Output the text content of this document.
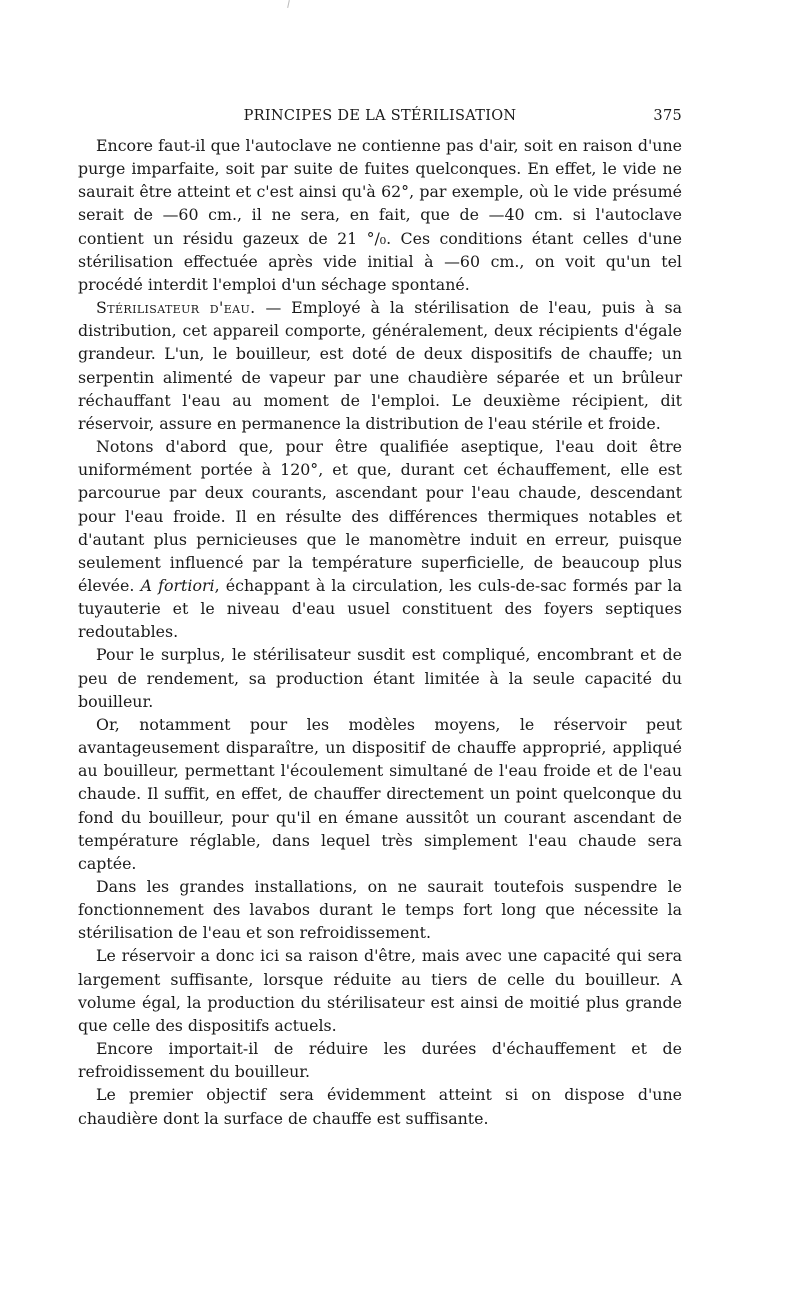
PRINCIPES DE LA STÉRILISATION	375

Encore faut-il que l'autoclave ne contienne pas d'air, soit en raison d'une purge imparfaite, soit par suite de fuites quelconques. En effet, le vide ne saurait être atteint et c'est ainsi qu'à 62°, par exemple, où le vide présumé serait de —60 cm., il ne sera, en fait, que de —40 cm. si l'autoclave contient un résidu gazeux de 21 °/₀. Ces conditions étant celles d'une stérilisation effectuée après vide initial à —60 cm., on voit qu'un tel procédé interdit l'emploi d'un séchage spontané.

Stérilisateur d'eau. — Employé à la stérilisation de l'eau, puis à sa distribution, cet appareil comporte, généralement, deux récipients d'égale grandeur. L'un, le bouilleur, est doté de deux dispositifs de chauffe; un serpentin alimenté de vapeur par une chaudière séparée et un brûleur réchauffant l'eau au moment de l'emploi. Le deuxième récipient, dit réservoir, assure en permanence la distribution de l'eau stérile et froide.

Notons d'abord que, pour être qualifiée aseptique, l'eau doit être uniformément portée à 120°, et que, durant cet échauffement, elle est parcourue par deux courants, ascendant pour l'eau chaude, descendant pour l'eau froide. Il en résulte des différences thermiques notables et d'autant plus pernicieuses que le manomètre induit en erreur, puisque seulement influencé par la température superficielle, de beaucoup plus élevée. A fortiori, échappant à la circulation, les culs-de-sac formés par la tuyauterie et le niveau d'eau usuel constituent des foyers septiques redoutables.

Pour le surplus, le stérilisateur susdit est compliqué, encombrant et de peu de rendement, sa production étant limitée à la seule capacité du bouilleur.

Or, notamment pour les modèles moyens, le réservoir peut avantageusement disparaître, un dispositif de chauffe approprié, appliqué au bouilleur, permettant l'écoulement simultané de l'eau froide et de l'eau chaude. Il suffit, en effet, de chauffer directement un point quelconque du fond du bouilleur, pour qu'il en émane aussitôt un courant ascendant de température réglable, dans lequel très simplement l'eau chaude sera captée.

Dans les grandes installations, on ne saurait toutefois suspendre le fonctionnement des lavabos durant le temps fort long que nécessite la stérilisation de l'eau et son refroidissement.

Le réservoir a donc ici sa raison d'être, mais avec une capacité qui sera largement suffisante, lorsque réduite au tiers de celle du bouilleur. A volume égal, la production du stérilisateur est ainsi de moitié plus grande que celle des dispositifs actuels.

Encore importait-il de réduire les durées d'échauffement et de refroidissement du bouilleur.

Le premier objectif sera évidemment atteint si on dispose d'une chaudière dont la surface de chauffe est suffisante.
